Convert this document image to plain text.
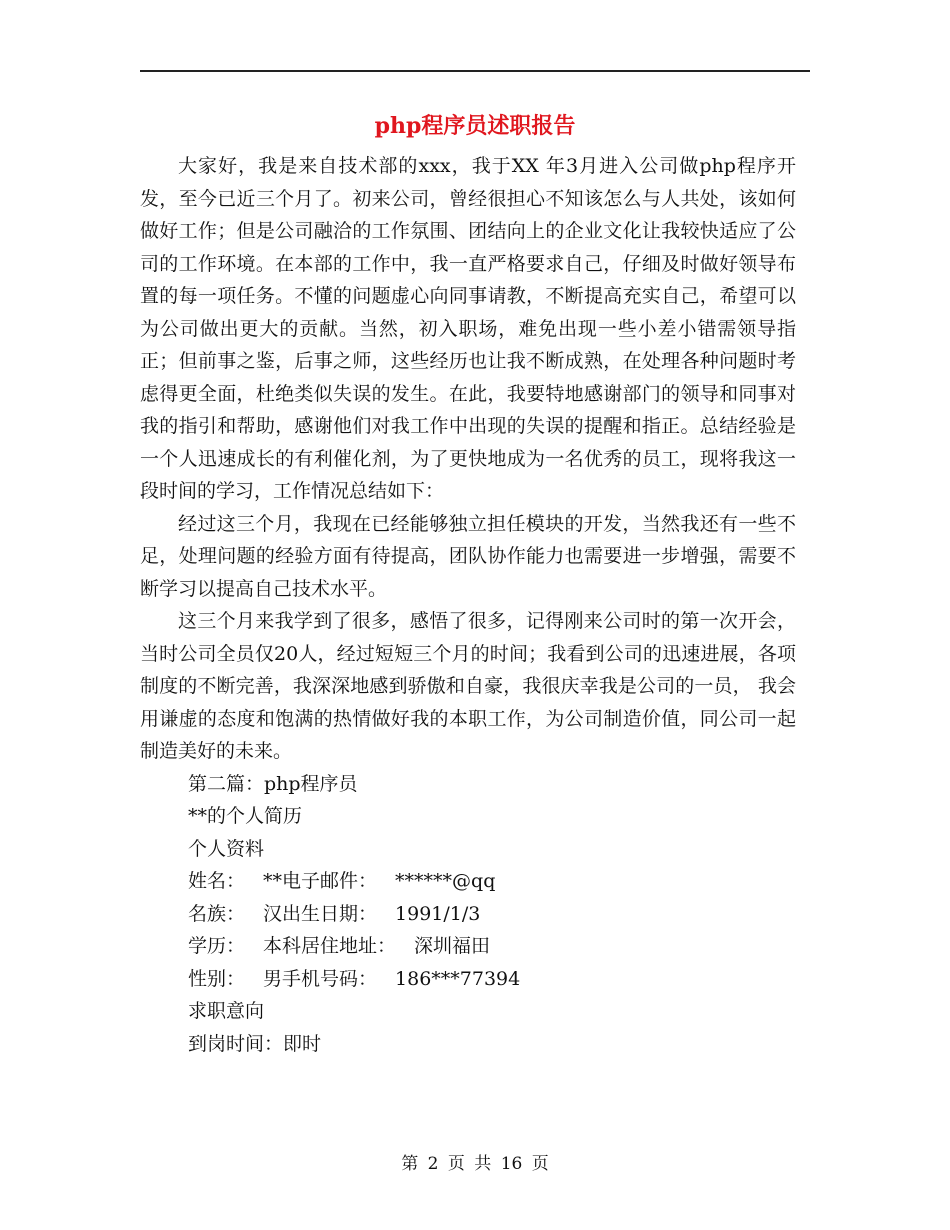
php程序员述职报告

大家好，我是来自技术部的xxx，我于XX 年3月进入公司做php程序开发，至今已近三个月了。初来公司，曾经很担心不知该怎么与人共处，该如何做好工作；但是公司融洽的工作氛围、团结向上的企业文化让我较快适应了公司的工作环境。在本部的工作中，我一直严格要求自己，仔细及时做好领导布置的每一项任务。不懂的问题虚心向同事请教，不断提高充实自己，希望可以为公司做出更大的贡献。当然，初入职场，难免出现一些小差小错需领导指正；但前事之鉴，后事之师，这些经历也让我不断成熟，在处理各种问题时考虑得更全面，杜绝类似失误的发生。在此，我要特地感谢部门的领导和同事对我的指引和帮助，感谢他们对我工作中出现的失误的提醒和指正。总结经验是一个人迅速成长的有利催化剂，为了更快地成为一名优秀的员工，现将我这一段时间的学习，工作情况总结如下：

经过这三个月，我现在已经能够独立担任模块的开发，当然我还有一些不足，处理问题的经验方面有待提高，团队协作能力也需要进一步增强，需要不断学习以提高自己技术水平。

这三个月来我学到了很多，感悟了很多，记得刚来公司时的第一次开会，当时公司全员仅20人，经过短短三个月的时间；我看到公司的迅速进展，各项制度的不断完善，我深深地感到骄傲和自豪，我很庆幸我是公司的一员， 我会用谦虚的态度和饱满的热情做好我的本职工作，为公司制造价值，同公司一起制造美好的未来。

第二篇：php程序员

**的个人简历

个人资料

姓名： **电子邮件： ******@qq

名族： 汉出生日期： 1991/1/3

学历： 本科居住地址： 深圳福田

性别： 男手机号码： 186***77394

求职意向

到岗时间：即时

第 2 页 共 16 页
